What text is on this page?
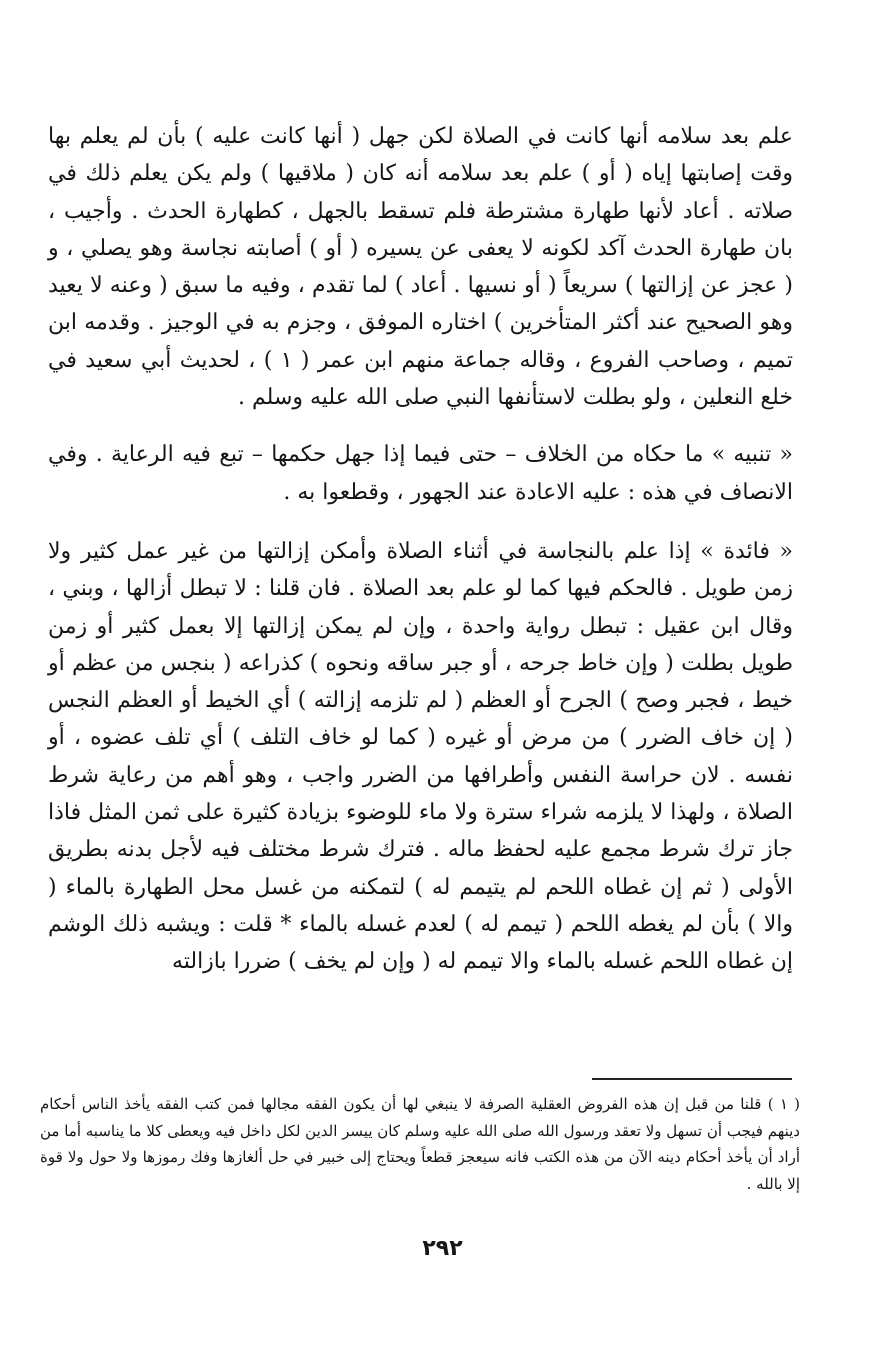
علم بعد سلامه أنها كانت في الصلاة لكن جهل ( أنها كانت عليه ) بأن لم يعلم بها وقت إصابتها إياه ( أو ) علم بعد سلامه أنه كان ( ملاقيها ) ولم يكن يعلم ذلك في صلاته . أعاد لأنها طهارة مشترطة فلم تسقط بالجهل ، كطهارة الحدث . وأجيب ، بان طهارة الحدث آكد لكونه لا يعفى عن يسيره ( أو ) أصابته نجاسة وهو يصلي ، و ( عجز عن إزالتها ) سريعاً ( أو نسيها . أعاد ) لما تقدم ، وفيه ما سبق ( وعنه لا يعيد وهو الصحيح عند أكثر المتأخرين ) اختاره الموفق ، وجزم به في الوجيز . وقدمه ابن تميم ، وصاحب الفروع ، وقاله جماعة منهم ابن عمر ( ١ ) ، لحديث أبي سعيد في خلع النعلين ، ولو بطلت لاستأنفها النبي صلى الله عليه وسلم .

« تنبيه » ما حكاه من الخلاف – حتى فيما إذا جهل حكمها – تبع فيه الرعاية . وفي الانصاف في هذه : عليه الاعادة عند الجهور ، وقطعوا به .

« فائدة » إذا علم بالنجاسة في أثناء الصلاة وأمكن إزالتها من غير عمل كثير ولا زمن طويل . فالحكم فيها كما لو علم بعد الصلاة . فان قلنا : لا تبطل أزالها ، وبني ، وقال ابن عقيل : تبطل رواية واحدة ، وإن لم يمكن إزالتها إلا بعمل كثير أو زمن طويل بطلت ( وإن خاط جرحه ، أو جبر ساقه ونحوه ) كذراعه ( بنجس من عظم أو خيط ، فجبر وصح ) الجرح أو العظم ( لم تلزمه إزالته ) أي الخيط أو العظم النجس ( إن خاف الضرر ) من مرض أو غيره ( كما لو خاف التلف ) أي تلف عضوه ، أو نفسه . لان حراسة النفس وأطرافها من الضرر واجب ، وهو أهم من رعاية شرط الصلاة ، ولهذا لا يلزمه شراء سترة ولا ماء للوضوء بزيادة كثيرة على ثمن المثل فاذا جاز ترك شرط مجمع عليه لحفظ ماله . فترك شرط مختلف فيه لأجل بدنه بطريق الأولى ( ثم إن غطاه اللحم لم يتيمم له ) لتمكنه من غسل محل الطهارة بالماء ( والا ) بأن لم يغطه اللحم ( تيمم له ) لعدم غسله بالماء * قلت : ويشبه ذلك الوشم إن غطاه اللحم غسله بالماء والا تيمم له ( وإن لم يخف ) ضررا بازالته

( ١ ) قلنا من قبل إن هذه الفروض العقلية الصرفة لا ينبغي لها أن يكون الفقه مجالها فمن كتب الفقه يأخذ الناس أحكام دينهم فيجب أن تسهل ولا تعقد ورسول الله صلى الله عليه وسلم كان ييسر الدين لكل داخل فيه ويعطى كلا ما يناسبه أما من أراد أن يأخذ أحكام دينه الآن من هذه الكتب فانه سيعجز قطعاً ويحتاج إلى خبير في حل ألغازها وفك رموزها ولا حول ولا قوة إلا بالله .

٢٩٢
